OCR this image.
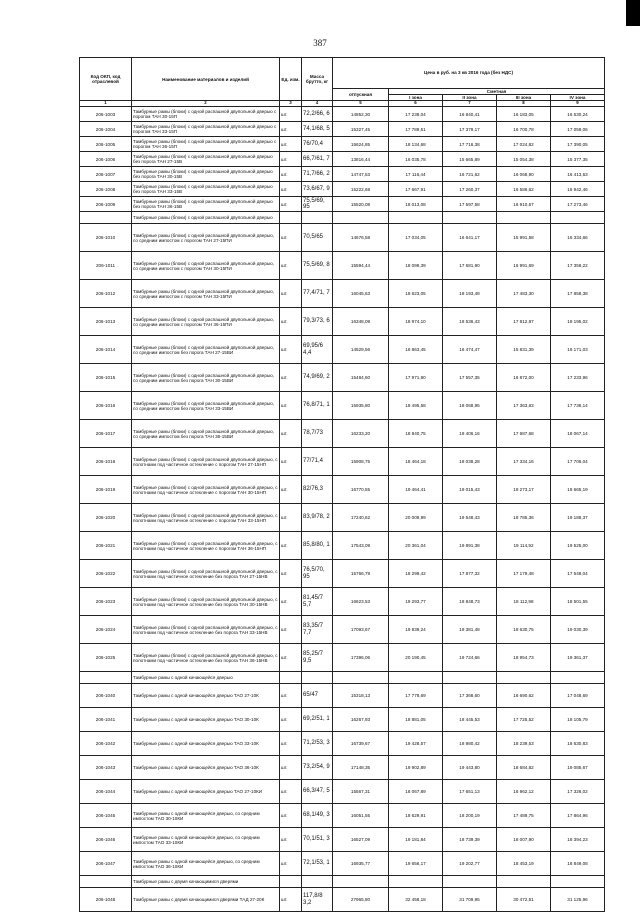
387
Код ОКП, код отраслевой	Наименование материалов и изделий	Ед. изм.	Масса брутто, кг	Цена в руб. на 3 кв 2016 года (без НДС)				
				отпускная	Сметная			
					I зона	II зона	III зона	IV зона
1	2	3	4	5	6	7	8	9
206-1003	Тамбурные рамы (блоки) с одной распашной двупольной дверью с порогом ТАН 30-15П	шт.	72,2/66, 6	14852,30	17 238,04	16 840,41	16 183,05	16 530,24
206-1004	Тамбурные рамы (блоки) с одной распашной двупольной дверью с порогом ТАН 33-15П	шт.	74,1/68, 5	15327,45	17 789,51	17 379,17	16 700,78	17 059,06
206-1005	Тамбурные рамы (блоки) с одной распашной двупольной дверью с порогом ТАН 36-15П	шт.	76/70,4	15624,85	18 134,68	17 716,38	17 024,82	17 390,05
206-1006	Тамбурные рамы (блоки) с одной распашной двупольной дверью без порога ТАН 27-15В	шт.	66,7/61, 7	13816,44	16 035,78	15 665,89	15 054,38	15 377,35
206-1007	Тамбурные рамы (блоки) с одной распашной двупольной дверью без порога ТАН 30-15В	шт.	71,7/66, 2	14747,53	17 116,44	16 721,62	16 068,90	16 413,63
206-1008	Тамбурные рамы (блоки) с одной распашной двупольной дверью без порога ТАН 33-15В	шт.	73,6/67, 9	15222,68	17 667,91	17 260,37	16 586,62	16 942,46
206-1009	Тамбурные рамы (блоки) с одной распашной двупольной дверью без порога ТАН 36-15В	шт.	75,5/69, 95	15520,08	18 013,08	17 597,58	16 910,67	17 273,46
	Тамбурные рамы (блоки) с одной распашной двупольной дверью							
206-1010	Тамбурные рамы (блоки) с одной распашной двупольной дверью, со средним импостом с порогом ТАН 27-15ПИ	шт.	70,5/65	14676,58	17 034,05	16 641,17	15 991,58	16 334,66
206-1011	Тамбурные рамы (блоки) с одной распашной двупольной дверью, со средним импостом с порогом ТАН 30-15ПИ	шт.	75,5/69, 8	15594,44	18 099,39	17 681,90	16 991,69	17 356,22
206-1012	Тамбурные рамы (блоки) с одной распашной двупольной дверью, со средним импостом с порогом ТАН 33-15ПИ	шт.	77,4/71, 7	16045,63	18 623,05	18 193,48	17 483,30	17 858,38
206-1013	Тамбурные рамы (блоки) с одной распашной двупольной дверью, со средним импостом с порогом ТАН 36-15ПИ	шт.	79,3/73, 6	16348,09	18 974,10	18 536,43	17 812,87	18 195,02
206-1014	Тамбурные рамы (блоки) с одной распашной двупольной дверью, со средним импостом без порога ТАН 27-15ВИ	шт.	69,95/6 4,4	14529,56	16 863,45	16 474,47	15 831,39	16 171,03
206-1015	Тамбурные рамы (блоки) с одной распашной двупольной дверью, со средним импостом без порога ТАН 30-15ВИ	шт.	74,9/69, 2	15484,60	17 971,90	17 557,35	16 872,00	17 233,96
206-1016	Тамбурные рамы (блоки) с одной распашной двупольной дверью, со средним импостом без порога ТАН 33-15ВИ	шт.	76,8/71, 1	15935,80	18 495,58	18 068,95	17 363,63	17 736,14
206-1017	Тамбурные рамы (блоки) с одной распашной двупольной дверью, со средним импостом без порога ТАН 36-15ВИ	шт.	78,7/73	16233,20	18 840,75	18 406,16	17 687,68	18 067,14
206-1018	Тамбурные рамы (блоки) с одной распашной двупольной дверью, с полотнами под частичное остекление с порогом ТАН 27-15НП	шт.	77/71,4	15908,75	18 464,18	18 038,28	17 334,16	17 706,04
206-1019	Тамбурные рамы (блоки) с одной распашной двупольной дверью, с полотнами под частичное остекление с порогом ТАН 30-15НП	шт.	82/76,3	16770,55	19 464,41	19 015,43	18 273,17	18 665,19
206-1020	Тамбурные рамы (блоки) с одной распашной двупольной дверью, с полотнами под частичное остекление с порогом ТАН 33-15НП	шт.	83,9/78, 2	17240,62	20 009,99	19 548,43	18 785,36	19 188,37
206-1021	Тамбурные рамы (блоки) с одной распашной двупольной дверью, с полотнами под частичное остекление с порогом ТАН 36-15НП	шт.	85,8/80, 1	17543,09	20 361,04	19 891,38	19 114,92	19 525,00
206-1022	Тамбурные рамы (блоки) с одной распашной двупольной дверью, с полотнами под частичное остекление без порога ТАН 27-15НВ	шт.	76,5/70, 95	15766,79	18 299,42	17 877,32	17 179,48	17 548,04
206-1023	Тамбурные рамы (блоки) с одной распашной двупольной дверью, с полотнами под частичное остекление без порога ТАН 30-15НВ	шт.	81,45/7 5,7	16623,53	19 293,77	18 848,73	18 112,98	18 501,55
206-1024	Тамбурные рамы (блоки) с одной распашной двупольной дверью, с полотнами под частичное остекление без порога ТАН 33-15НВ	шт.	83,35/7 7,7	17093,67	19 839,24	19 381,48	18 630,75	19 030,39
206-1025	Тамбурные рамы (блоки) с одной распашной двупольной дверью, с полотнами под частичное остекление без порога ТАН 36-15НВ	шт.	85,25/7 9,5	17396,06	20 190,45	19 724,66	18 954,73	19 361,37
	Тамбурные рамы с одной качающейся дверью							
206-1040	Тамбурные рамы с одной качающейся дверью ТАО 27-10К	шт.	65/47	15318,13	17 778,69	17 368,60	16 690,62	17 048,69
206-1041	Тамбурные рамы с одной качающейся дверью ТАО 30-10К	шт.	69,2/51, 1	16267,93	18 881,05	18 445,53	17 725,52	18 105,79
206-1042	Тамбурные рамы с одной качающейся дверью ТАО 33-10К	шт.	71,2/53, 3	16739,67	19 428,57	18 980,42	18 239,53	18 630,83
206-1043	Тамбурные рамы с одной качающейся дверью ТАО 36-10К	шт.	73,2/54, 9	17148,35	19 902,89	19 443,80	18 684,82	19 085,67
206-1044	Тамбурные рамы с одной качающейся дверью ТАО 27-10КИ	шт.	66,3/47, 5	15567,31	18 067,89	17 651,13	16 962,12	17 326,02
206-1045	Тамбурные рамы с одной качающейся дверью, со средним импостом ТАО 30-10КИ	шт.	68,1/49, 3	16051,55	18 629,91	18 200,19	17 489,75	17 864,96
206-1046	Тамбурные рамы с одной качающейся дверью, со средним импостом ТАО 33-10КИ	шт.	70,1/51, 3	16527,09	19 181,84	18 739,39	18 007,90	18 394,23
206-1047	Тамбурные рамы с одной качающейся дверью, со средним импостом ТАО 36-10КИ	шт.	72,1/53, 1	16935,77	19 656,17	19 202,77	18 453,19	18 849,08
	Тамбурные рамы с двумя качающимися дверями							
206-1048	Тамбурные рамы с двумя качающимися дверями ТАД 27-20К	шт.	117,8/8 3,2	27965,80	32 458,18	31 709,95	30 472,51	31 125,96
